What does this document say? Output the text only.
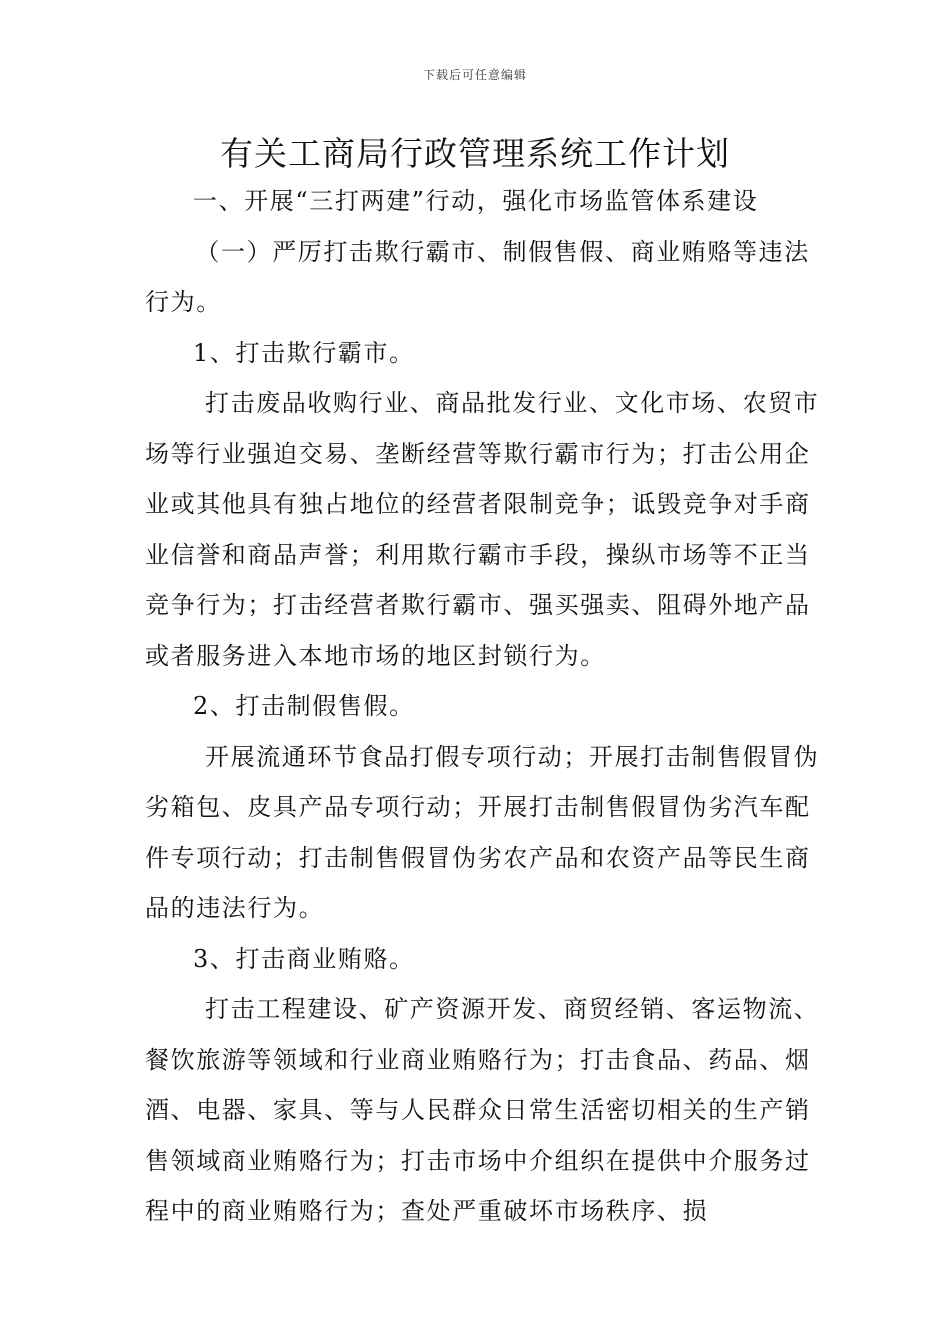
下载后可任意编辑
有关工商局行政管理系统工作计划

一、开展“三打两建”行动，强化市场监管体系建设

（一）严厉打击欺行霸市、制假售假、商业贿赂等违法行为。

1、打击欺行霸市。

打击废品收购行业、商品批发行业、文化市场、农贸市场等行业强迫交易、垄断经营等欺行霸市行为；打击公用企业或其他具有独占地位的经营者限制竞争；诋毁竞争对手商业信誉和商品声誉；利用欺行霸市手段，操纵市场等不正当竞争行为；打击经营者欺行霸市、强买强卖、阻碍外地产品或者服务进入本地市场的地区封锁行为。

2、打击制假售假。

开展流通环节食品打假专项行动；开展打击制售假冒伪劣箱包、皮具产品专项行动；开展打击制售假冒伪劣汽车配件专项行动；打击制售假冒伪劣农产品和农资产品等民生商品的违法行为。

3、打击商业贿赂。

打击工程建设、矿产资源开发、商贸经销、客运物流、餐饮旅游等领域和行业商业贿赂行为；打击食品、药品、烟酒、电器、家具、等与人民群众日常生活密切相关的生产销售领域商业贿赂行为；打击市场中介组织在提供中介服务过程中的商业贿赂行为；查处严重破坏市场秩序、损
